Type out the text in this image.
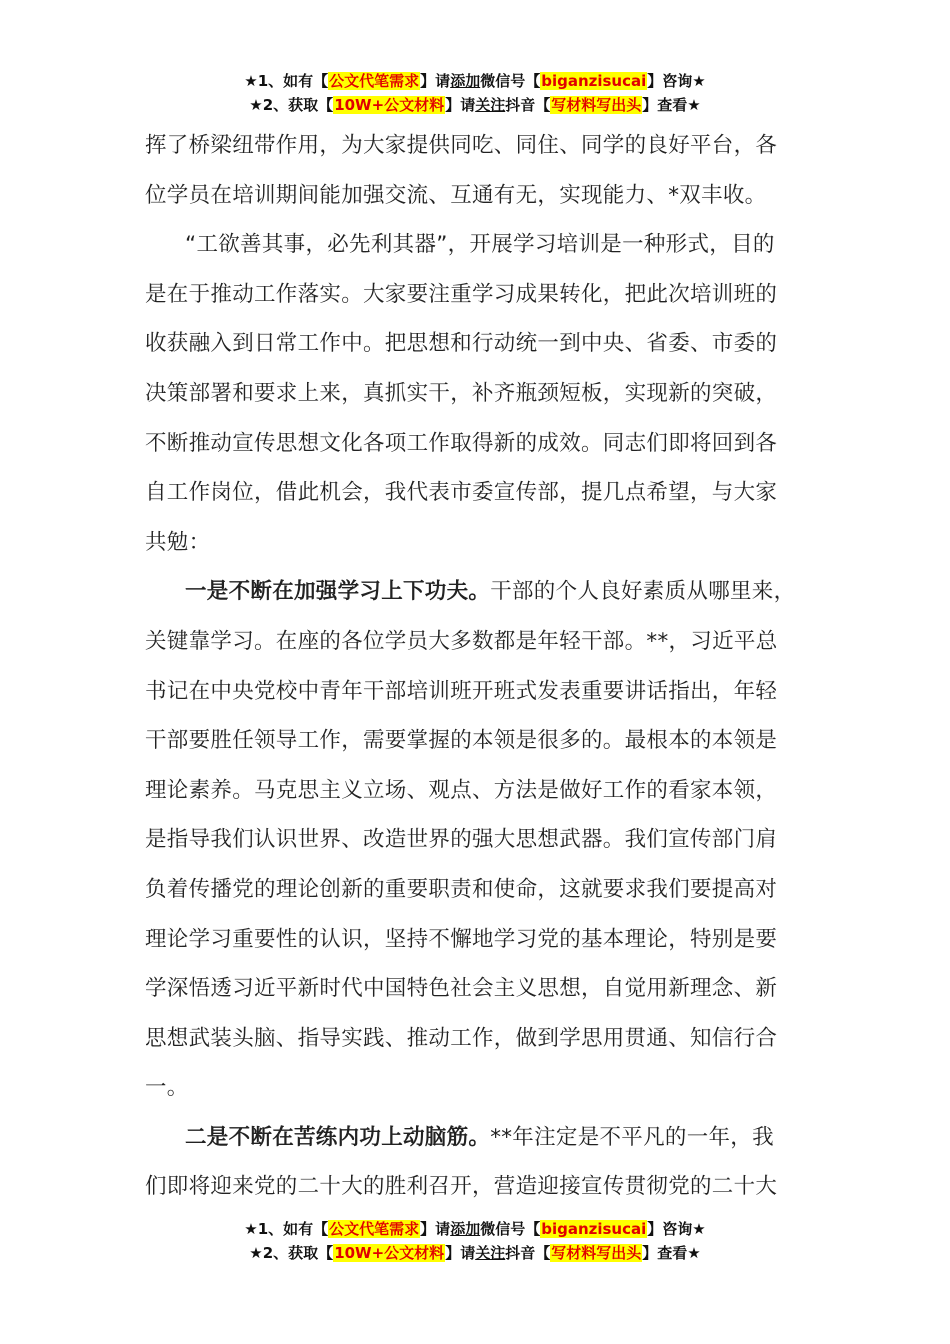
★1、如有【公文代笔需求】请添加微信号【biganzisucai】咨询★
★2、获取【10W+公文材料】请关注抖音【写材料写出头】查看★
挥了桥梁纽带作用，为大家提供同吃、同住、同学的良好平台，各
位学员在培训期间能加强交流、互通有无，实现能力、*双丰收。
“工欲善其事，必先利其器”，开展学习培训是一种形式，目的
是在于推动工作落实。大家要注重学习成果转化，把此次培训班的
收获融入到日常工作中。把思想和行动统一到中央、省委、市委的
决策部署和要求上来，真抓实干，补齐瓶颈短板，实现新的突破，
不断推动宣传思想文化各项工作取得新的成效。同志们即将回到各
自工作岗位，借此机会，我代表市委宣传部，提几点希望，与大家
共勉：
一是不断在加强学习上下功夫。干部的个人良好素质从哪里来，
关键靠学习。在座的各位学员大多数都是年轻干部。**，习近平总
书记在中央党校中青年干部培训班开班式发表重要讲话指出，年轻
干部要胜任领导工作，需要掌握的本领是很多的。最根本的本领是
理论素养。马克思主义立场、观点、方法是做好工作的看家本领，
是指导我们认识世界、改造世界的强大思想武器。我们宣传部门肩
负着传播党的理论创新的重要职责和使命，这就要求我们要提高对
理论学习重要性的认识，坚持不懈地学习党的基本理论，特别是要
学深悟透习近平新时代中国特色社会主义思想，自觉用新理念、新
思想武装头脑、指导实践、推动工作，做到学思用贯通、知信行合
一。
二是不断在苦练内功上动脑筋。**年注定是不平凡的一年，我
们即将迎来党的二十大的胜利召开，营造迎接宣传贯彻党的二十大
★1、如有【公文代笔需求】请添加微信号【biganzisucai】咨询★
★2、获取【10W+公文材料】请关注抖音【写材料写出头】查看★
